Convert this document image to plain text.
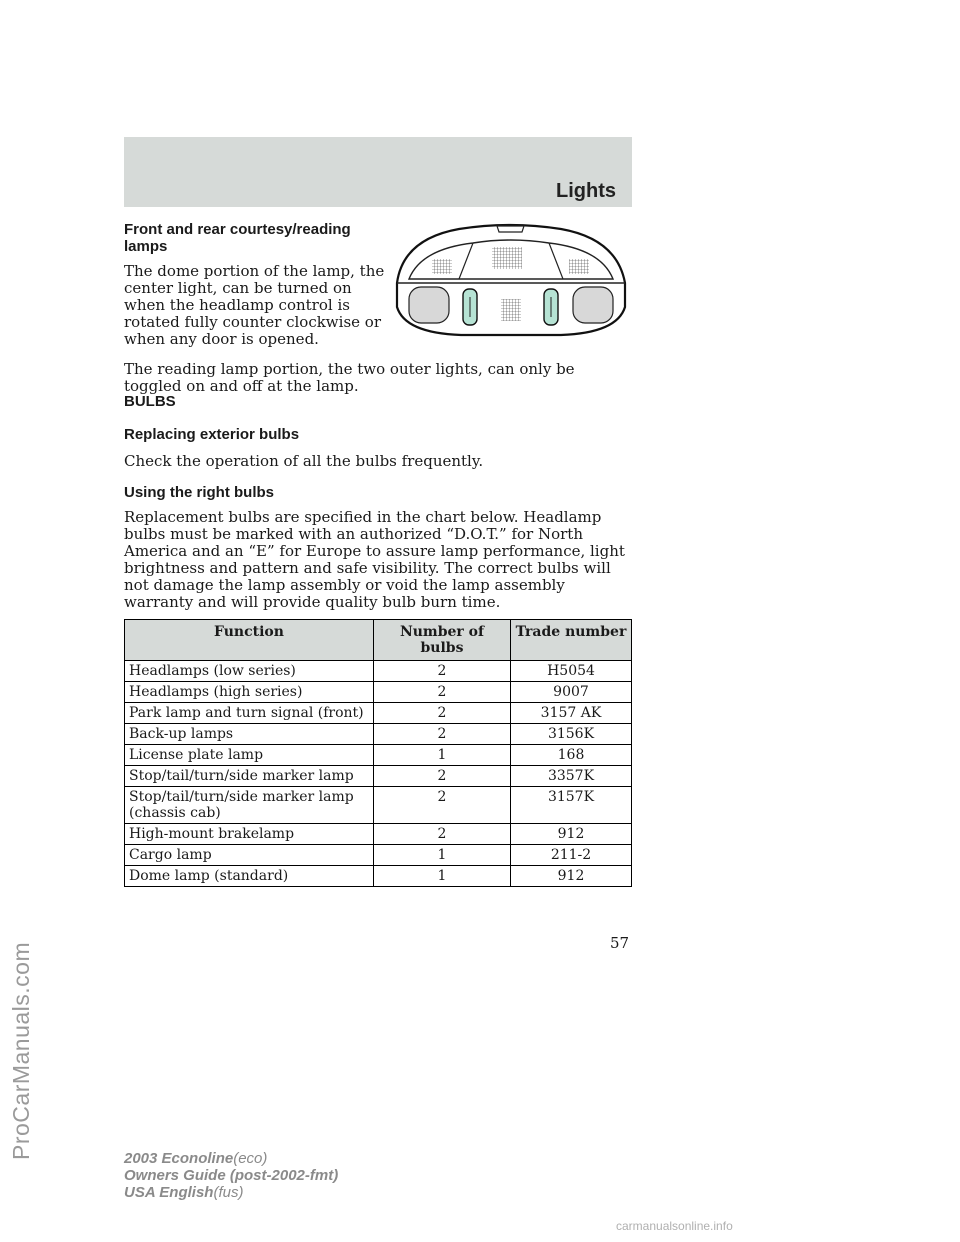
Lights
ProCarManuals.com

Front and rear courtesy/reading lamps

The dome portion of the lamp, the center light, can be turned on when the headlamp control is rotated fully counter clockwise or when any door is opened.

The reading lamp portion, the two outer lights, can only be toggled on and off at the lamp.

BULBS

Replacing exterior bulbs

Check the operation of all the bulbs frequently.

Using the right bulbs

Replacement bulbs are specified in the chart below. Headlamp bulbs must be marked with an authorized “D.O.T.” for North America and an “E” for Europe to assure lamp performance, light brightness and pattern and safe visibility. The correct bulbs will not damage the lamp assembly or void the lamp assembly warranty and will provide quality bulb burn time.

Function	Number of bulbs	Trade number
Headlamps (low series)	2	H5054
Headlamps (high series)	2	9007
Park lamp and turn signal (front)	2	3157 AK
Back-up lamps	2	3156K
License plate lamp	1	168
Stop/tail/turn/side marker lamp	2	3357K
Stop/tail/turn/side marker lamp (chassis cab)	2	3157K
High-mount brakelamp	2	912
Cargo lamp	1	211-2
Dome lamp (standard)	1	912
57
2003 Econoline(eco)
Owners Guide (post-2002-fmt)
USA English(fus)
carmanualsonline.info
